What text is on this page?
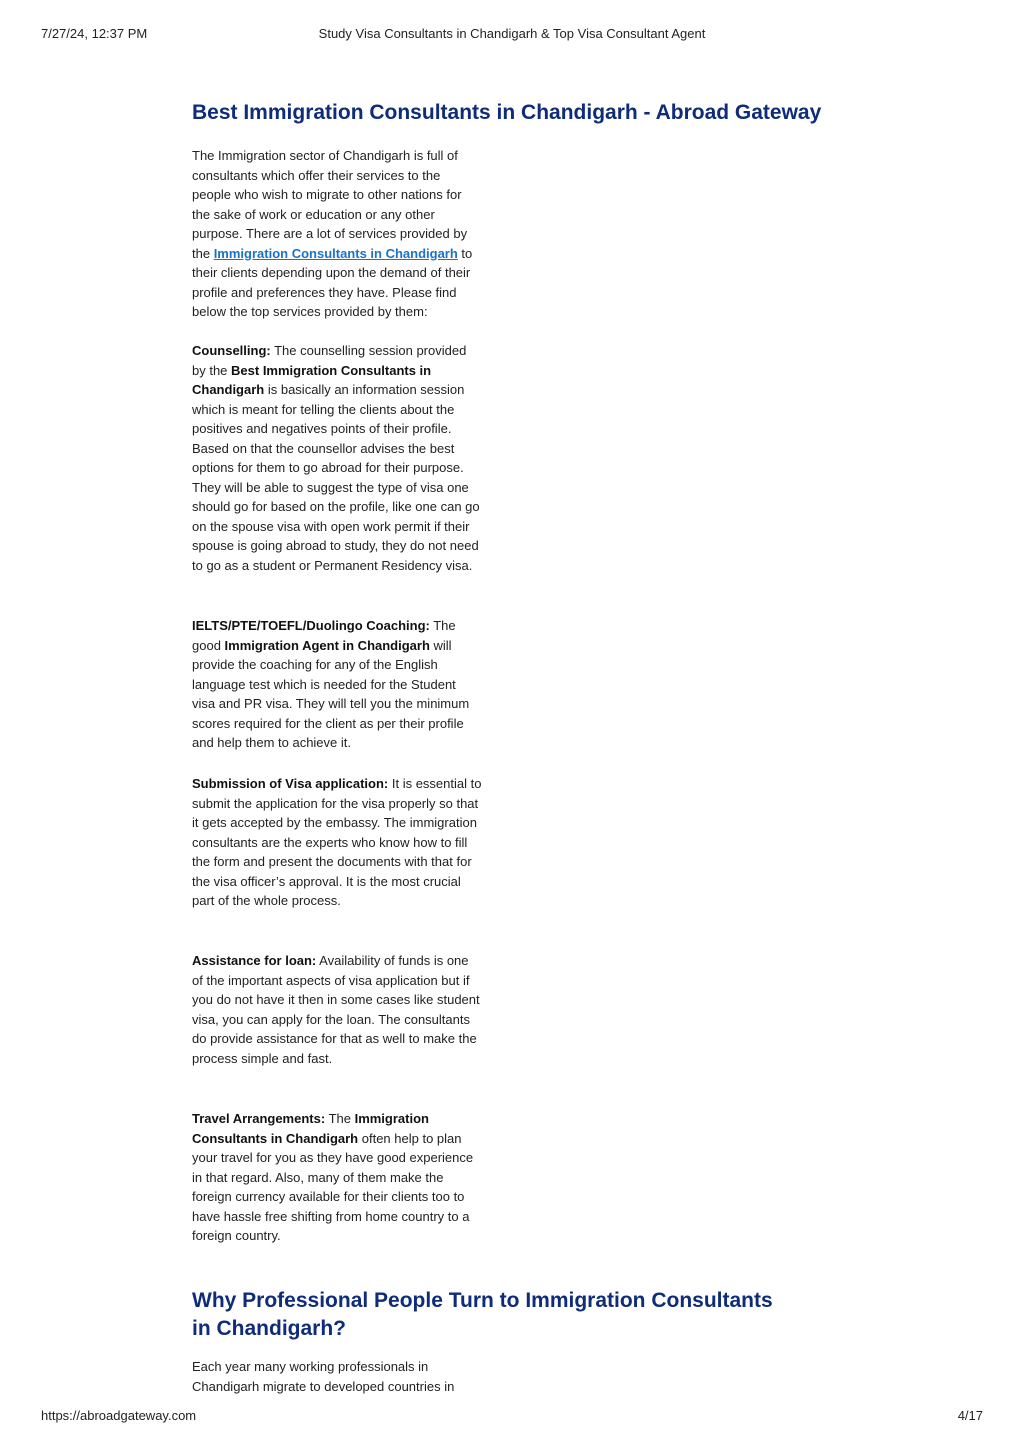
7/27/24, 12:37 PM	Study Visa Consultants in Chandigarh & Top Visa Consultant Agent
Best Immigration Consultants in Chandigarh - Abroad Gateway

The Immigration sector of Chandigarh is full of consultants which offer their services to the people who wish to migrate to other nations for the sake of work or education or any other purpose. There are a lot of services provided by the Immigration Consultants in Chandigarh to their clients depending upon the demand of their profile and preferences they have. Please find below the top services provided by them:

Counselling: The counselling session provided by the Best Immigration Consultants in Chandigarh is basically an information session which is meant for telling the clients about the positives and negatives points of their profile. Based on that the counsellor advises the best options for them to go abroad for their purpose. They will be able to suggest the type of visa one should go for based on the profile, like one can go on the spouse visa with open work permit if their spouse is going abroad to study, they do not need to go as a student or Permanent Residency visa.

IELTS/PTE/TOEFL/Duolingo Coaching: The good Immigration Agent in Chandigarh will provide the coaching for any of the English language test which is needed for the Student visa and PR visa. They will tell you the minimum scores required for the client as per their profile and help them to achieve it.

Submission of Visa application: It is essential to submit the application for the visa properly so that it gets accepted by the embassy. The immigration consultants are the experts who know how to fill the form and present the documents with that for the visa officer’s approval. It is the most crucial part of the whole process.

Assistance for loan: Availability of funds is one of the important aspects of visa application but if you do not have it then in some cases like student visa, you can apply for the loan. The consultants do provide assistance for that as well to make the process simple and fast.

Travel Arrangements: The Immigration Consultants in Chandigarh often help to plan your travel for you as they have good experience in that regard. Also, many of them make the foreign currency available for their clients too to have hassle free shifting from home country to a foreign country.

Why Professional People Turn to Immigration Consultants in Chandigarh?

Each year many working professionals in Chandigarh migrate to developed countries in

https://abroadgateway.com	4/17
